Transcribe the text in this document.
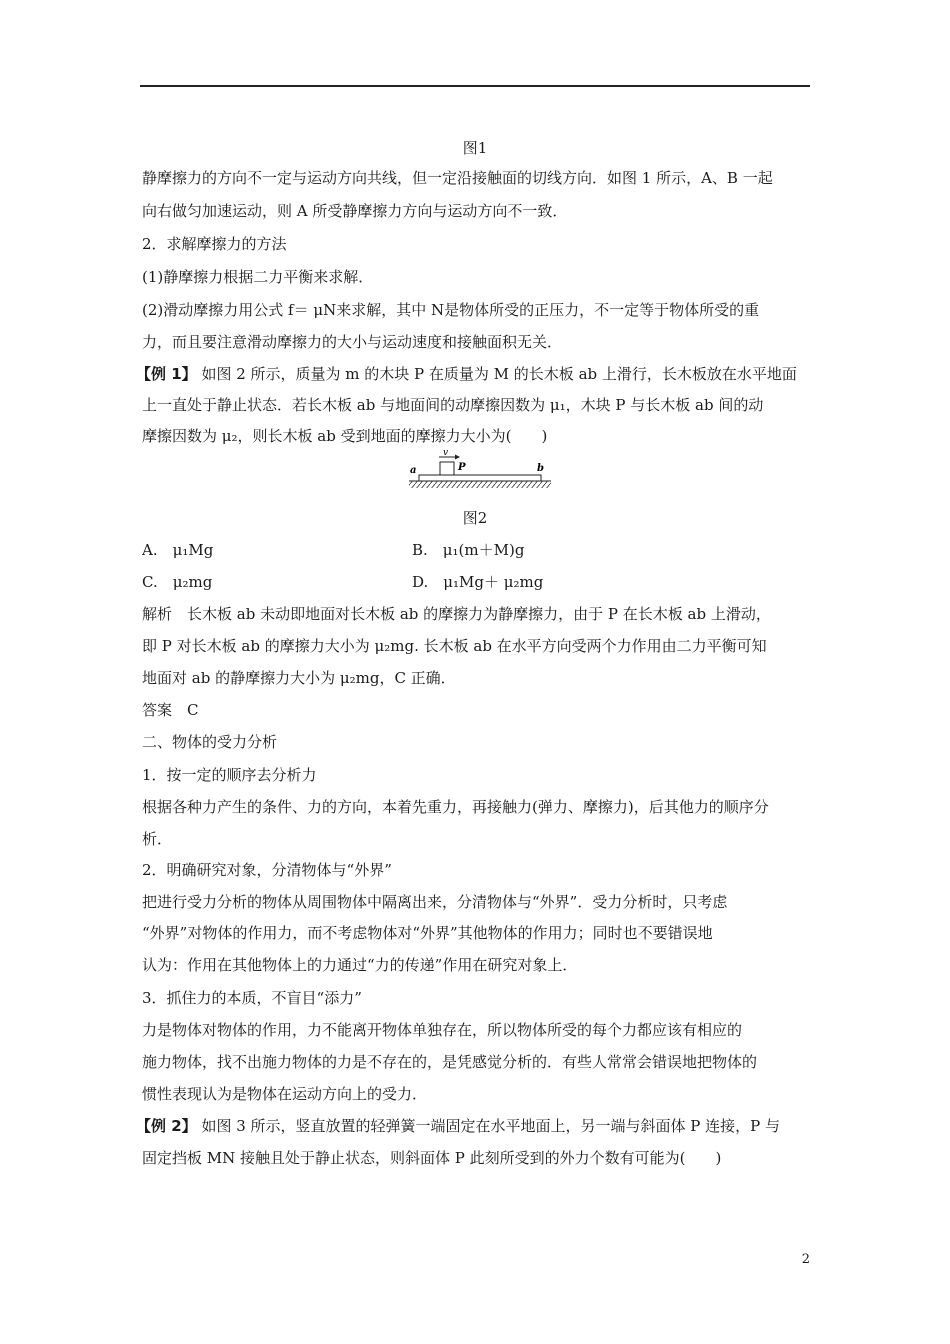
图1
静摩擦力的方向不一定与运动方向共线，但一定沿接触面的切线方向．如图 1 所示，A、B 一起
向右做匀加速运动，则 A 所受静摩擦力方向与运动方向不一致．
2．求解摩擦力的方法
(1)静摩擦力根据二力平衡来求解．
(2)滑动摩擦力用公式 f＝ μN来求解，其中 N是物体所受的正压力，不一定等于物体所受的重
力，而且要注意滑动摩擦力的大小与运动速度和接触面积无关．
【例 1】 如图 2 所示，质量为 m 的木块 P 在质量为 M 的长木板 ab 上滑行，长木板放在水平地面
上一直处于静止状态．若长木板 ab 与地面间的动摩擦因数为 μ₁，木块 P 与长木板 ab 间的动
摩擦因数为 μ₂，则长木板 ab 受到地面的摩擦力大小为(　　)
v
P
a	b
图2
A.　μ₁Mg	B.　μ₁(m＋M)g
C.　μ₂mg	D.　μ₁Mg＋ μ₂mg
解析　长木板 ab 未动即地面对长木板 ab 的摩擦力为静摩擦力，由于 P 在长木板 ab 上滑动，
即 P 对长木板 ab 的摩擦力大小为 μ₂mg. 长木板 ab 在水平方向受两个力作用由二力平衡可知
地面对 ab 的静摩擦力大小为 μ₂mg，C 正确．
答案　C
二、物体的受力分析
1．按一定的顺序去分析力
根据各种力产生的条件、力的方向，本着先重力，再接触力(弹力、摩擦力)，后其他力的顺序分
析．
2．明确研究对象，分清物体与“外界”
把进行受力分析的物体从周围物体中隔离出来，分清物体与“外界”．受力分析时，只考虑
“外界”对物体的作用力，而不考虑物体对“外界”其他物体的作用力；同时也不要错误地
认为：作用在其他物体上的力通过“力的传递”作用在研究对象上．
3．抓住力的本质，不盲目“添力”
力是物体对物体的作用，力不能离开物体单独存在，所以物体所受的每个力都应该有相应的
施力物体，找不出施力物体的力是不存在的，是凭感觉分析的．有些人常常会错误地把物体的
惯性表现认为是物体在运动方向上的受力．
【例 2】 如图 3 所示，竖直放置的轻弹簧一端固定在水平地面上，另一端与斜面体 P 连接，P 与
固定挡板 MN 接触且处于静止状态，则斜面体 P 此刻所受到的外力个数有可能为(　　)
2
